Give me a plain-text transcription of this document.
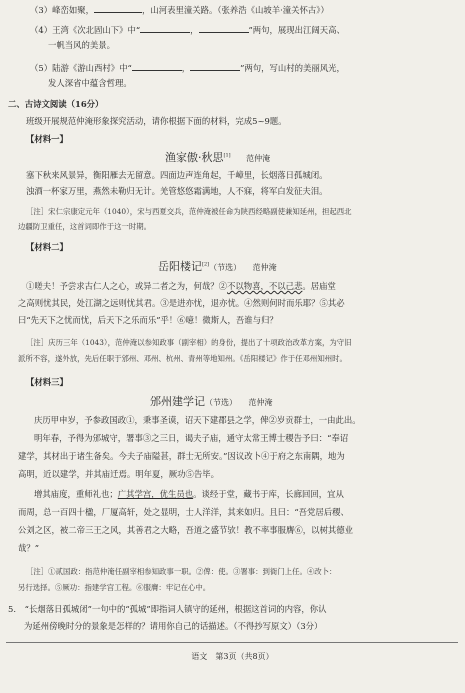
（3）峰峦如聚，	，山河表里潼关路。（张养浩《山坡羊·潼关怀古》）
（4）王湾《次北固山下》中“	，	”两句，展现出江阔天高、
一帆当风的美景。
（5）陆游《游山西村》中“	，	”两句，写山村的美丽风光，
发人深省中蕴含哲理。
二、古诗文阅读（16分）
班级开展规范仲淹形象探究活动，请你根据下面的材料，完成5~9题。
【材料一】
渔家傲·秋思[1] 范仲淹
塞下秋来风景异，衡阳雁去无留意。四面边声连角起，千嶂里，长烟落日孤城闭。
浊酒一杯家万里，燕然未勒归无计。羌管悠悠霜满地，人不寐，将军白发征夫泪。
［注］宋仁宗康定元年（1040），宋与西夏交兵，范仲淹被任命为陕西经略副使兼知延州，担起西北
边疆防卫重任，这首词即作于这一时期。
【材料二】
岳阳楼记[2]（节选） 范仲淹
①嗟夫！予尝求古仁人之心，或异二者之为，何哉？②不以物喜，不以己悲。居庙堂
之高则忧其民，处江湖之远则忧其君。③是进亦忧，退亦忧。④然则何时而乐耶？⑤其必
曰“先天下之忧而忧，后天下之乐而乐”乎！⑥噫！微斯人，吾谁与归？
［注］庆历三年（1043），范仲淹以参知政事（副宰相）的身份，提出了十项政治改革方案，为守旧
派所不容，遂外放，先后任职于邠州、邓州、杭州、青州等地知州。《岳阳楼记》作于任邓州知州时。
【材料三】
邠州建学记（节选） 范仲淹
庆历甲申岁，予参政国政①，秉事圣谟，诏天下建郡县之学，俾②岁贡群士，一由此出。
明年春，予得为邠城守，署事③之三日，谒夫子庙，通守太常王博士稷告予曰：“奉诏
建学，其材出于诸生备矣。今夫子庙隘甚，群士无所安。”因议改卜④于府之东南隅，地为
高明，近以建学，并其庙迁焉。明年夏，厥功⑤告毕。
增其庙度，重师礼也；广其学宫，优生员也。谈经于堂，藏书于库，长廊回回，宜从
而周，总一百四十楹，厂厦高轩，处之显明，士人洋洋，其来如归。且曰：“吾党居后稷、
公刘之区，被二帝三王之风，其善君之大略，吾道之盛节欤！教不率事服膺⑥，以树其德业
哉？”
［注］①贰国政：指范仲淹任副宰相参知政事一职。②俾：使。③署事：到衙门上任。④改卜：
另行选择。⑤厥功：指建学宫工程。⑥服膺：牢记在心中。
5. “长烟落日孤城闭”一句中的“孤城”即指词人镇守的延州，根据这首词的内容，你认
为延州傍晚时分的景象是怎样的？请用你自己的话描述。（不得抄写原文）（3分）
语文　第3页（共8页）
